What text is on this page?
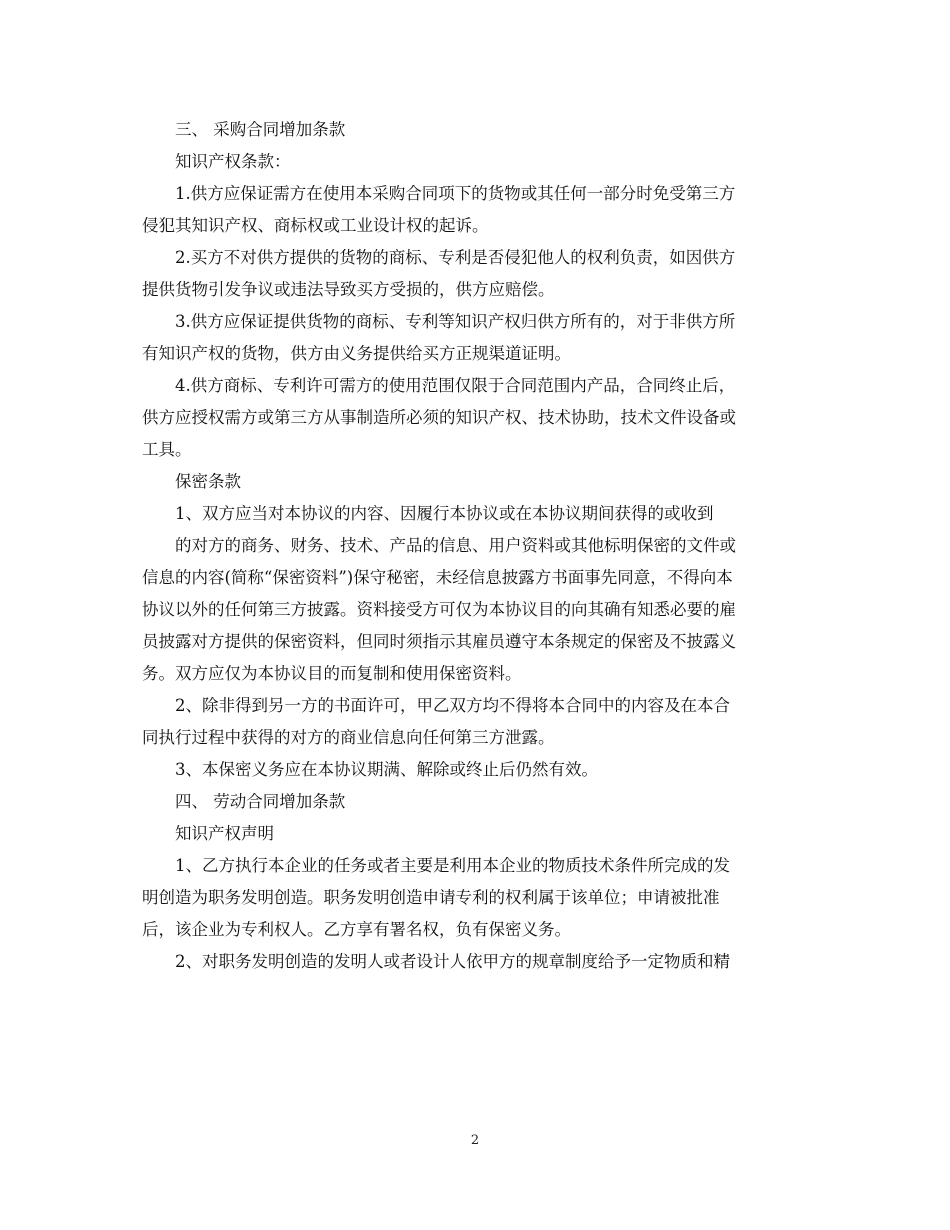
三、 采购合同增加条款

知识产权条款：

1.供方应保证需方在使用本采购合同项下的货物或其任何一部分时免受第三方

侵犯其知识产权、商标权或工业设计权的起诉。

2.买方不对供方提供的货物的商标、专利是否侵犯他人的权利负责，如因供方

提供货物引发争议或违法导致买方受损的，供方应赔偿。

3.供方应保证提供货物的商标、专利等知识产权归供方所有的，对于非供方所

有知识产权的货物，供方由义务提供给买方正规渠道证明。

4.供方商标、专利许可需方的使用范围仅限于合同范围内产品，合同终止后，

供方应授权需方或第三方从事制造所必须的知识产权、技术协助，技术文件设备或

工具。

保密条款

1、双方应当对本协议的内容、因履行本协议或在本协议期间获得的或收到

的对方的商务、财务、技术、产品的信息、用户资料或其他标明保密的文件或

信息的内容(简称“保密资料”)保守秘密，未经信息披露方书面事先同意，不得向本

协议以外的任何第三方披露。资料接受方可仅为本协议目的向其确有知悉必要的雇

员披露对方提供的保密资料，但同时须指示其雇员遵守本条规定的保密及不披露义

务。双方应仅为本协议目的而复制和使用保密资料。

2、除非得到另一方的书面许可，甲乙双方均不得将本合同中的内容及在本合

同执行过程中获得的对方的商业信息向任何第三方泄露。

3、本保密义务应在本协议期满、解除或终止后仍然有效。

四、 劳动合同增加条款

知识产权声明

1、乙方执行本企业的任务或者主要是利用本企业的物质技术条件所完成的发

明创造为职务发明创造。职务发明创造申请专利的权利属于该单位；申请被批准

后，该企业为专利权人。乙方享有署名权，负有保密义务。

2、对职务发明创造的发明人或者设计人依甲方的规章制度给予一定物质和精

2
